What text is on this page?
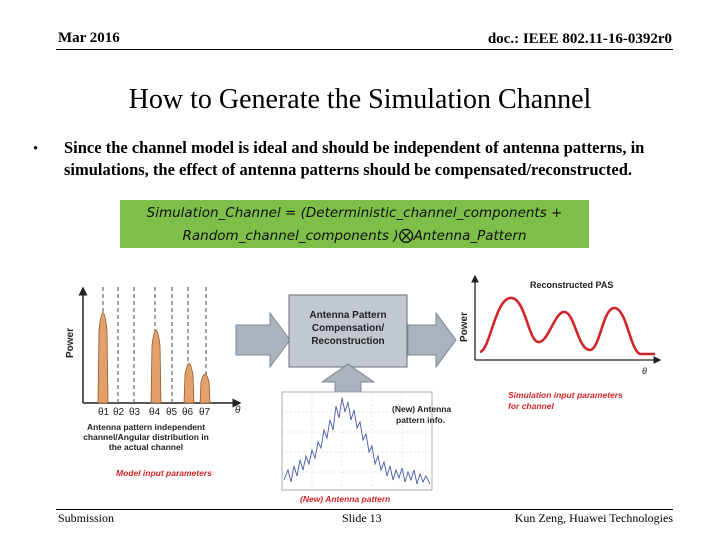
Mar 2016	doc.: IEEE 802.11-16-0392r0
How to Generate the Simulation Channel
• Since the channel model is ideal and should be independent of antenna patterns, in
simulations, the effect of antenna patterns should be compensated/reconstructed.
Simulation_Channel = (Deterministic_channel_components +
Random_channel_components )⨂Antenna_Pattern
Power
θ1 θ2 θ3 θ4 θ5 θ6 θ7 θ
Antenna pattern independent
channel/Angular distribution in
the actual channel
Model input parameters
Antenna Pattern
Compensation/
Reconstruction
(New) Antenna
pattern info.
(New) Antenna pattern
Power
Reconstructed PAS
θ
Simulation input parameters
for channel
Submission	Slide 13	Kun Zeng, Huawei Technologies
